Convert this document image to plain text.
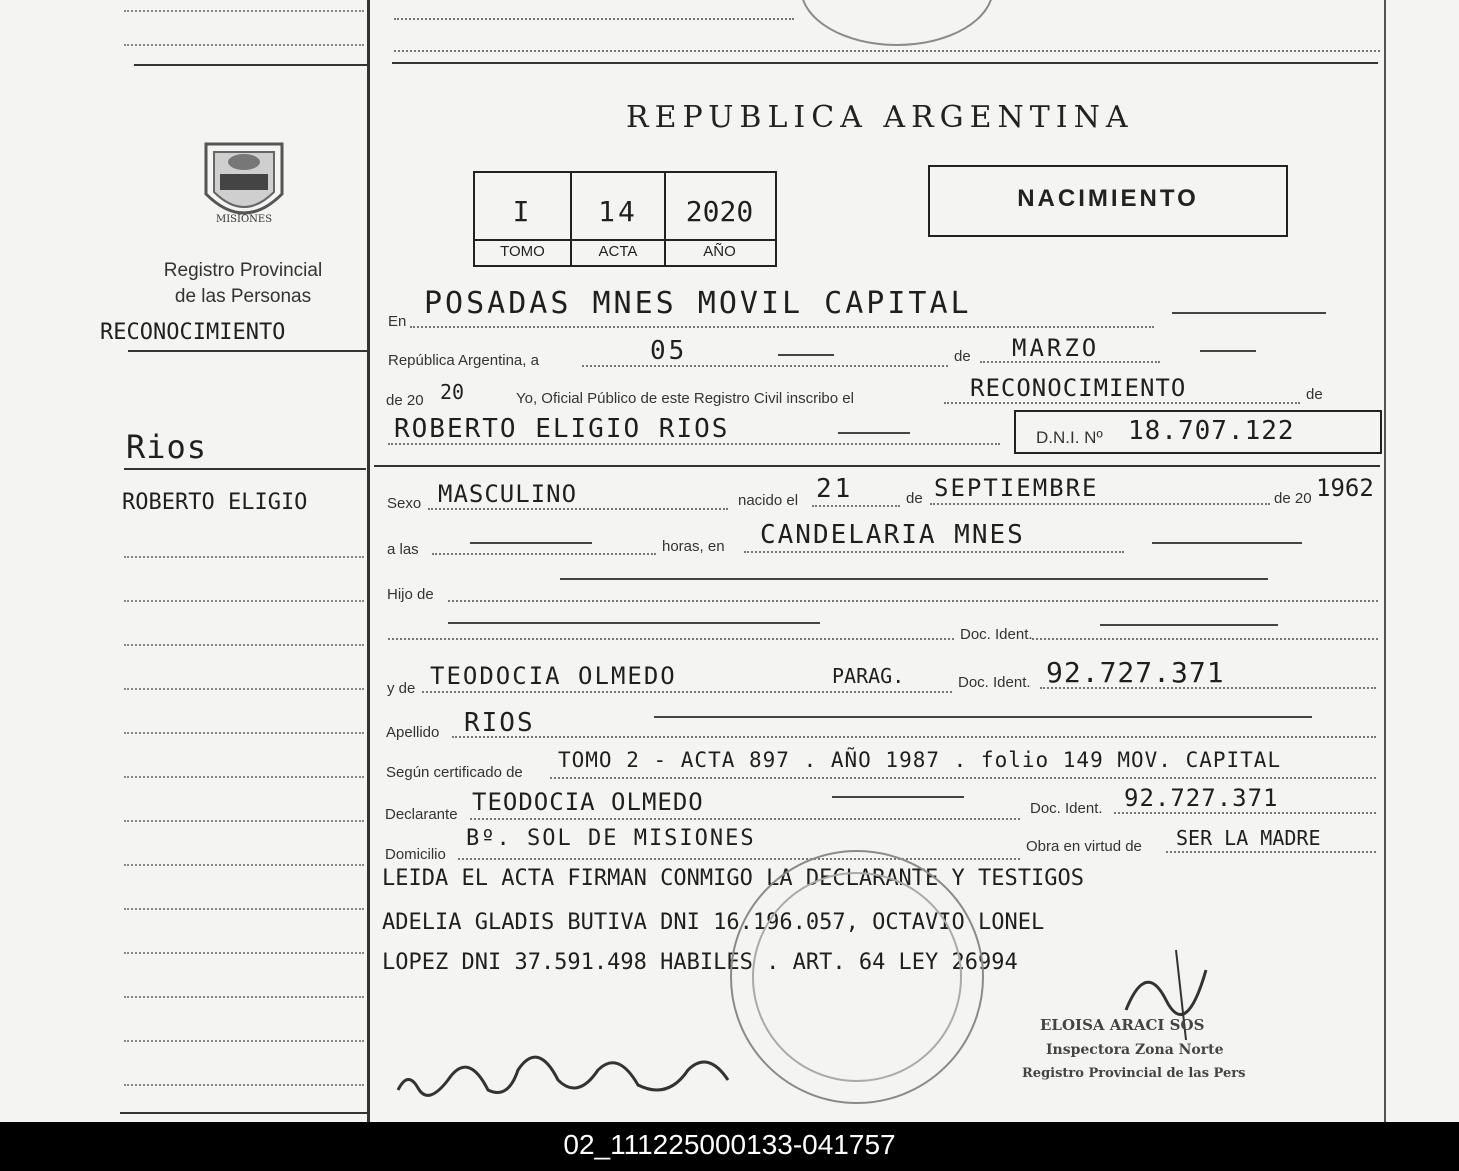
MISIONES
Registro Provincial
de las Personas
RECONOCIMIENTO
Rios
ROBERTO ELIGIO
REPUBLICA ARGENTINA
I	14	2020
TOMO	ACTA	AÑO
NACIMIENTO
En
POSADAS MNES MOVIL CAPITAL
República Argentina, a	05	de MARZO
de 20 20	Yo, Oficial Público de este Registro Civil inscribo el	RECONOCIMIENTO	de
ROBERTO ELIGIO RIOS	D.N.I. Nº 18.707.122
Sexo MASCULINO	nacido el 21	de SEPTIEMBRE	de 20 1962
a las	horas, en CANDELARIA MNES
Hijo de
Doc. Ident.
y de TEODOCIA OLMEDO	PARAG.	Doc. Ident. 92.727.371
Apellido RIOS
Según certificado de
TOMO 2 - ACTA 897 . AÑO 1987 . folio 149 MOV. CAPITAL
Declarante TEODOCIA OLMEDO	Doc. Ident. 92.727.371
Domicilio
Bº. SOL DE MISIONES	Obra en virtud de SER LA MADRE
LEIDA EL ACTA FIRMAN CONMIGO LA DECLARANTE Y TESTIGOS
ADELIA GLADIS BUTIVA DNI 16.196.057, OCTAVIO LONEL
LOPEZ DNI 37.591.498 HABILES . ART. 64 LEY 26994
ELOISA ARACI SOS
Inspectora Zona Norte
Registro Provincial de las Pers
02_111225000133-041757
